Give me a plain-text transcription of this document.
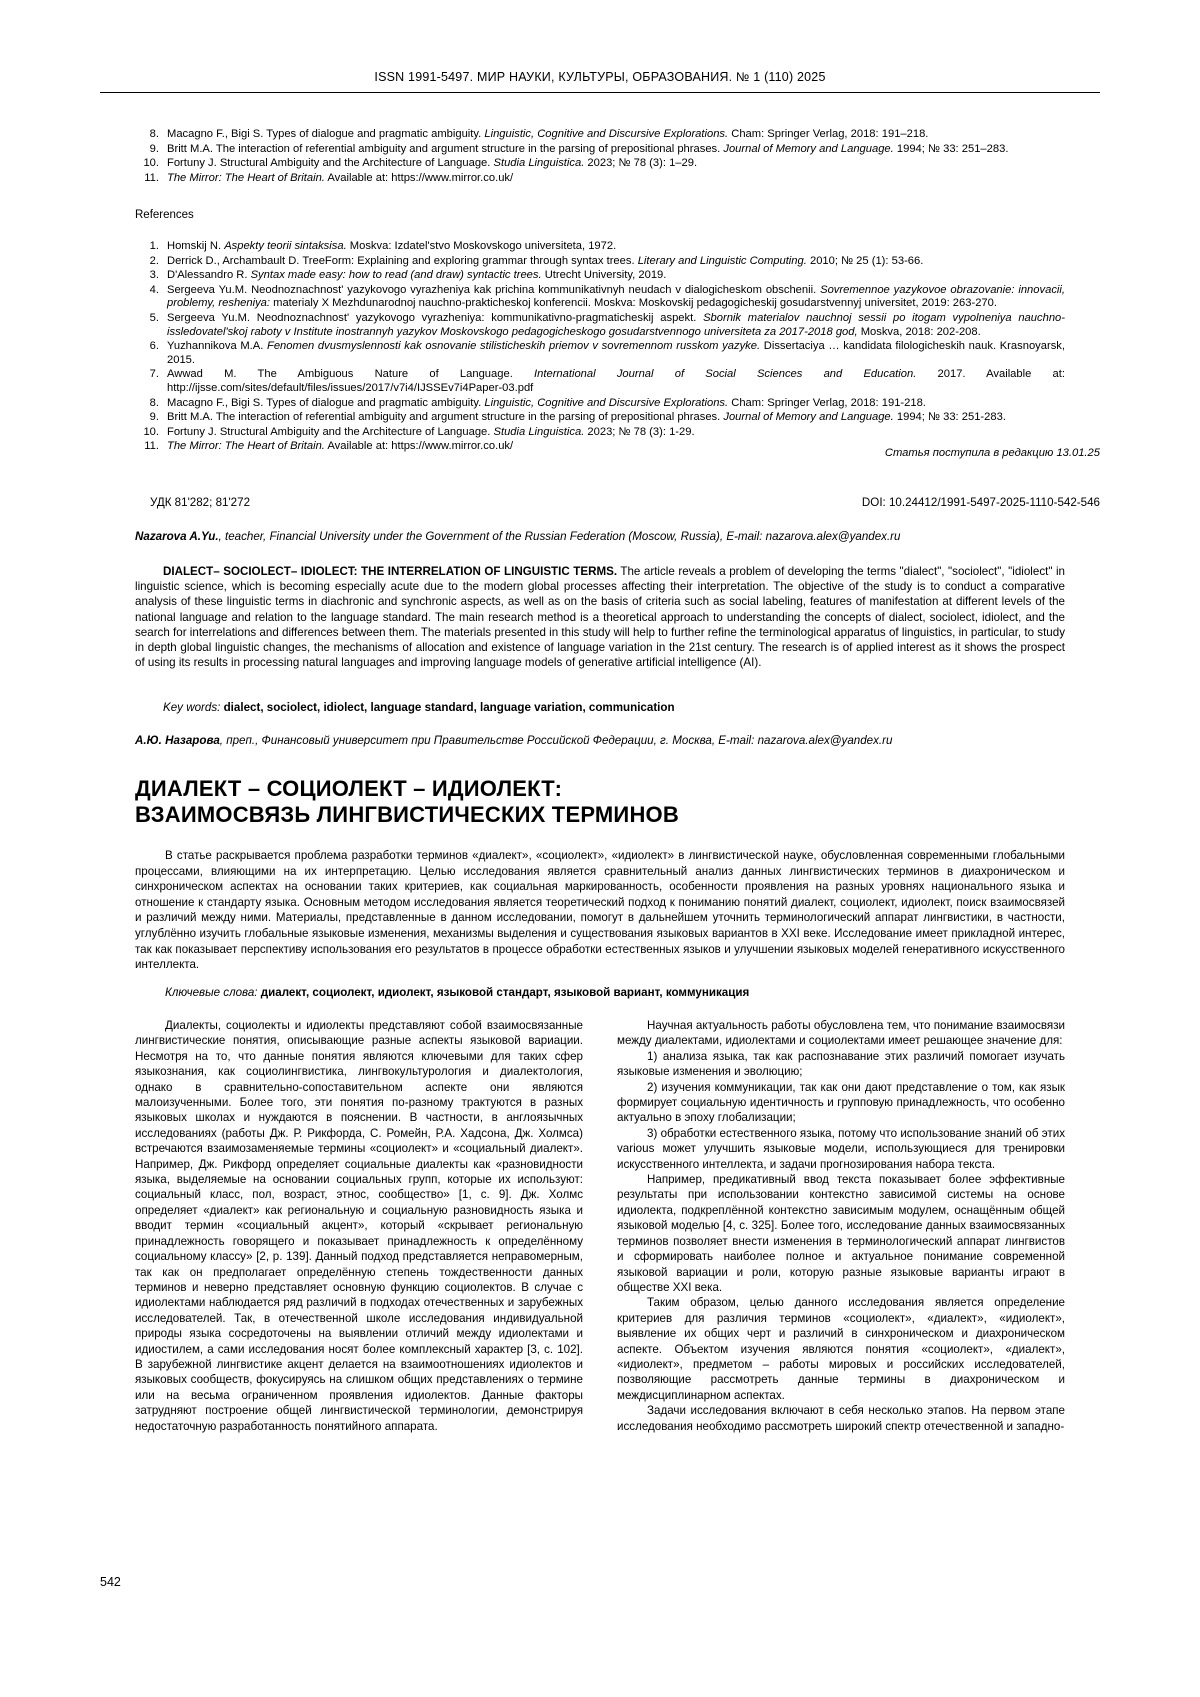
ISSN 1991-5497. МИР НАУКИ, КУЛЬТУРЫ, ОБРАЗОВАНИЯ. № 1 (110) 2025
8. Macagno F., Bigi S. Types of dialogue and pragmatic ambiguity. Linguistic, Cognitive and Discursive Explorations. Cham: Springer Verlag, 2018: 191–218.
9. Britt M.A. The interaction of referential ambiguity and argument structure in the parsing of prepositional phrases. Journal of Memory and Language. 1994; № 33: 251–283.
10. Fortuny J. Structural Ambiguity and the Architecture of Language. Studia Linguistica. 2023; № 78 (3): 1–29.
11. The Mirror: The Heart of Britain. Available at: https://www.mirror.co.uk/
References
1. Homskij N. Aspekty teorii sintaksisa. Moskva: Izdatel'stvo Moskovskogo universiteta, 1972.
2. Derrick D., Archambault D. TreeForm: Explaining and exploring grammar through syntax trees. Literary and Linguistic Computing. 2010; № 25 (1): 53-66.
3. D'Alessandro R. Syntax made easy: how to read (and draw) syntactic trees. Utrecht University, 2019.
4. Sergeeva Yu.M. Neodnoznachnost' yazykovogo vyrazheniya kak prichina kommunikativnyh neudach v dialogicheskom obschenii. Sovremennoe yazykovoe obrazovanie: innovacii, problemy, resheniya: materialy X Mezhdunarodnoj nauchno-prakticheskoj konferencii. Moskva: Moskovskij pedagogicheskij gosudarstvennyj universitet, 2019: 263-270.
5. Sergeeva Yu.M. Neodnoznachnost' yazykovogo vyrazheniya: kommunikativno-pragmaticheskij aspekt. Sbornik materialov nauchnoj sessii po itogam vypolneniya nauchno-issledovatel'skoj raboty v Institute inostrannyh yazykov Moskovskogo pedagogicheskogo gosudarstvennogo universiteta za 2017-2018 god, Moskva, 2018: 202-208.
6. Yuzhannikova M.A. Fenomen dvusmyslennosti kak osnovanie stilisticheskih priemov v sovremennom russkom yazyke. Dissertaciya … kandidata filologicheskih nauk. Krasnoyarsk, 2015.
7. Awwad M. The Ambiguous Nature of Language. International Journal of Social Sciences and Education. 2017. Available at: http://ijsse.com/sites/default/files/issues/2017/v7i4/IJSSEv7i4Paper-03.pdf
8. Macagno F., Bigi S. Types of dialogue and pragmatic ambiguity. Linguistic, Cognitive and Discursive Explorations. Cham: Springer Verlag, 2018: 191-218.
9. Britt M.A. The interaction of referential ambiguity and argument structure in the parsing of prepositional phrases. Journal of Memory and Language. 1994; № 33: 251-283.
10. Fortuny J. Structural Ambiguity and the Architecture of Language. Studia Linguistica. 2023; № 78 (3): 1-29.
11. The Mirror: The Heart of Britain. Available at: https://www.mirror.co.uk/
Статья поступила в редакцию 13.01.25
УДК 81'282; 81'272	DOI: 10.24412/1991-5497-2025-1110-542-546
Nazarova A.Yu., teacher, Financial University under the Government of the Russian Federation (Moscow, Russia), E-mail: nazarova.alex@yandex.ru
DIALECT– SOCIOLECT– IDIOLECT: THE INTERRELATION OF LINGUISTIC TERMS. The article reveals a problem of developing the terms "dialect", "sociolect", "idiolect" in linguistic science, which is becoming especially acute due to the modern global processes affecting their interpretation. The objective of the study is to conduct a comparative analysis of these linguistic terms in diachronic and synchronic aspects, as well as on the basis of criteria such as social labeling, features of manifestation at different levels of the national language and relation to the language standard. The main research method is a theoretical approach to understanding the concepts of dialect, sociolect, idiolect, and the search for interrelations and differences between them. The materials presented in this study will help to further refine the terminological apparatus of linguistics, in particular, to study in depth global linguistic changes, the mechanisms of allocation and existence of language variation in the 21st century. The research is of applied interest as it shows the prospect of using its results in processing natural languages and improving language models of generative artificial intelligence (AI).
Key words: dialect, sociolect, idiolect, language standard, language variation, communication
А.Ю. Назарова, преп., Финансовый университет при Правительстве Российской Федерации, г. Москва, E-mail: nazarova.alex@yandex.ru
ДИАЛЕКТ – СОЦИОЛЕКТ – ИДИОЛЕКТ:
ВЗАИМОСВЯЗЬ ЛИНГВИСТИЧЕСКИХ ТЕРМИНОВ
В статье раскрывается проблема разработки терминов «диалект», «социолект», «идиолект» в лингвистической науке, обусловленная современными глобальными процессами, влияющими на их интерпретацию. Целью исследования является сравнительный анализ данных лингвистических терминов в диахроническом и синхроническом аспектах на основании таких критериев, как социальная маркированность, особенности проявления на разных уровнях национального языка и отношение к стандарту языка. Основным методом исследования является теоретический подход к пониманию понятий диалект, социолект, идиолект, поиск взаимосвязей и различий между ними. Материалы, представленные в данном исследовании, помогут в дальнейшем уточнить терминологический аппарат лингвистики, в частности, углублённо изучить глобальные языковые изменения, механизмы выделения и существования языковых вариантов в XXI веке. Исследование имеет прикладной интерес, так как показывает перспективу использования его результатов в процессе обработки естественных языков и улучшении языковых моделей генеративного искусственного интеллекта.
Ключевые слова: диалект, социолект, идиолект, языковой стандарт, языковой вариант, коммуникация

Диалекты, социолекты и идиолекты представляют собой взаимосвязанные лингвистические понятия, описывающие разные аспекты языковой вариации. Несмотря на то, что данные понятия являются ключевыми для таких сфер языкознания, как социолингвистика, лингвокультурология и диалектология, однако в сравнительно-сопоставительном аспекте они являются малоизученными. Более того, эти понятия по-разному трактуются в разных языковых школах и нуждаются в пояснении. В частности, в англоязычных исследованиях (работы Дж. Р. Рикфорда, С. Ромейн, Р.А. Хадсона, Дж. Холмса) встречаются взаимозаменяемые термины «социолект» и «социальный диалект». Например, Дж. Рикфорд определяет социальные диалекты как «разновидности языка, выделяемые на основании социальных групп, которые их используют: социальный класс, пол, возраст, этнос, сообщество» [1, с. 9]. Дж. Холмс определяет «диалект» как региональную и социальную разновидность языка и вводит термин «социальный акцент», который «скрывает региональную принадлежность говорящего и показывает принадлежность к определённому социальному классу» [2, p. 139]. Данный подход представляется неправомерным, так как он предполагает определённую степень тождественности данных терминов и неверно представляет основную функцию социолектов. В случае с идиолектами наблюдается ряд различий в подходах отечественных и зарубежных исследователей. Так, в отечественной школе исследования индивидуальной природы языка сосредоточены на выявлении отличий между идиолектами и идиостилем, а сами исследования носят более комплексный характер [3, с. 102]. В зарубежной лингвистике акцент делается на взаимоотношениях идиолектов и языковых сообществ, фокусируясь на слишком общих представлениях о термине или на весьма ограниченном проявления идиолектов. Данные факторы затрудняют построение общей лингвистической терминологии, демонстрируя недостаточную разработанность понятийного аппарата.

Научная актуальность работы обусловлена тем, что понимание взаимосвязи между диалектами, идиолектами и социолектами имеет решающее значение для:

1) анализа языка, так как распознавание этих различий помогает изучать языковые изменения и эволюцию;

2) изучения коммуникации, так как они дают представление о том, как язык формирует социальную идентичность и групповую принадлежность, что особенно актуально в эпоху глобализации;

3) обработки естественного языка, потому что использование знаний об этих various может улучшить языковые модели, использующиеся для тренировки искусственного интеллекта, и задачи прогнозирования набора текста.

Например, предикативный ввод текста показывает более эффективные результаты при использовании контекстно зависимой системы на основе идиолекта, подкреплённой контекстно зависимым модулем, оснащённым общей языковой моделью [4, с. 325]. Более того, исследование данных взаимосвязанных терминов позволяет внести изменения в терминологический аппарат лингвистов и сформировать наиболее полное и актуальное понимание современной языковой вариации и роли, которую разные языковые варианты играют в обществе XXI века.

Таким образом, целью данного исследования является определение критериев для различия терминов «социолект», «диалект», «идиолект», выявление их общих черт и различий в синхроническом и диахроническом аспекте. Объектом изучения являются понятия «социолект», «диалект», «идиолект», предметом – работы мировых и российских исследователей, позволяющие рассмотреть данные термины в диахроническом и междисциплинарном аспектах.

Задачи исследования включают в себя несколько этапов. На первом этапе исследования необходимо рассмотреть широкий спектр отечественной и западно-

542
